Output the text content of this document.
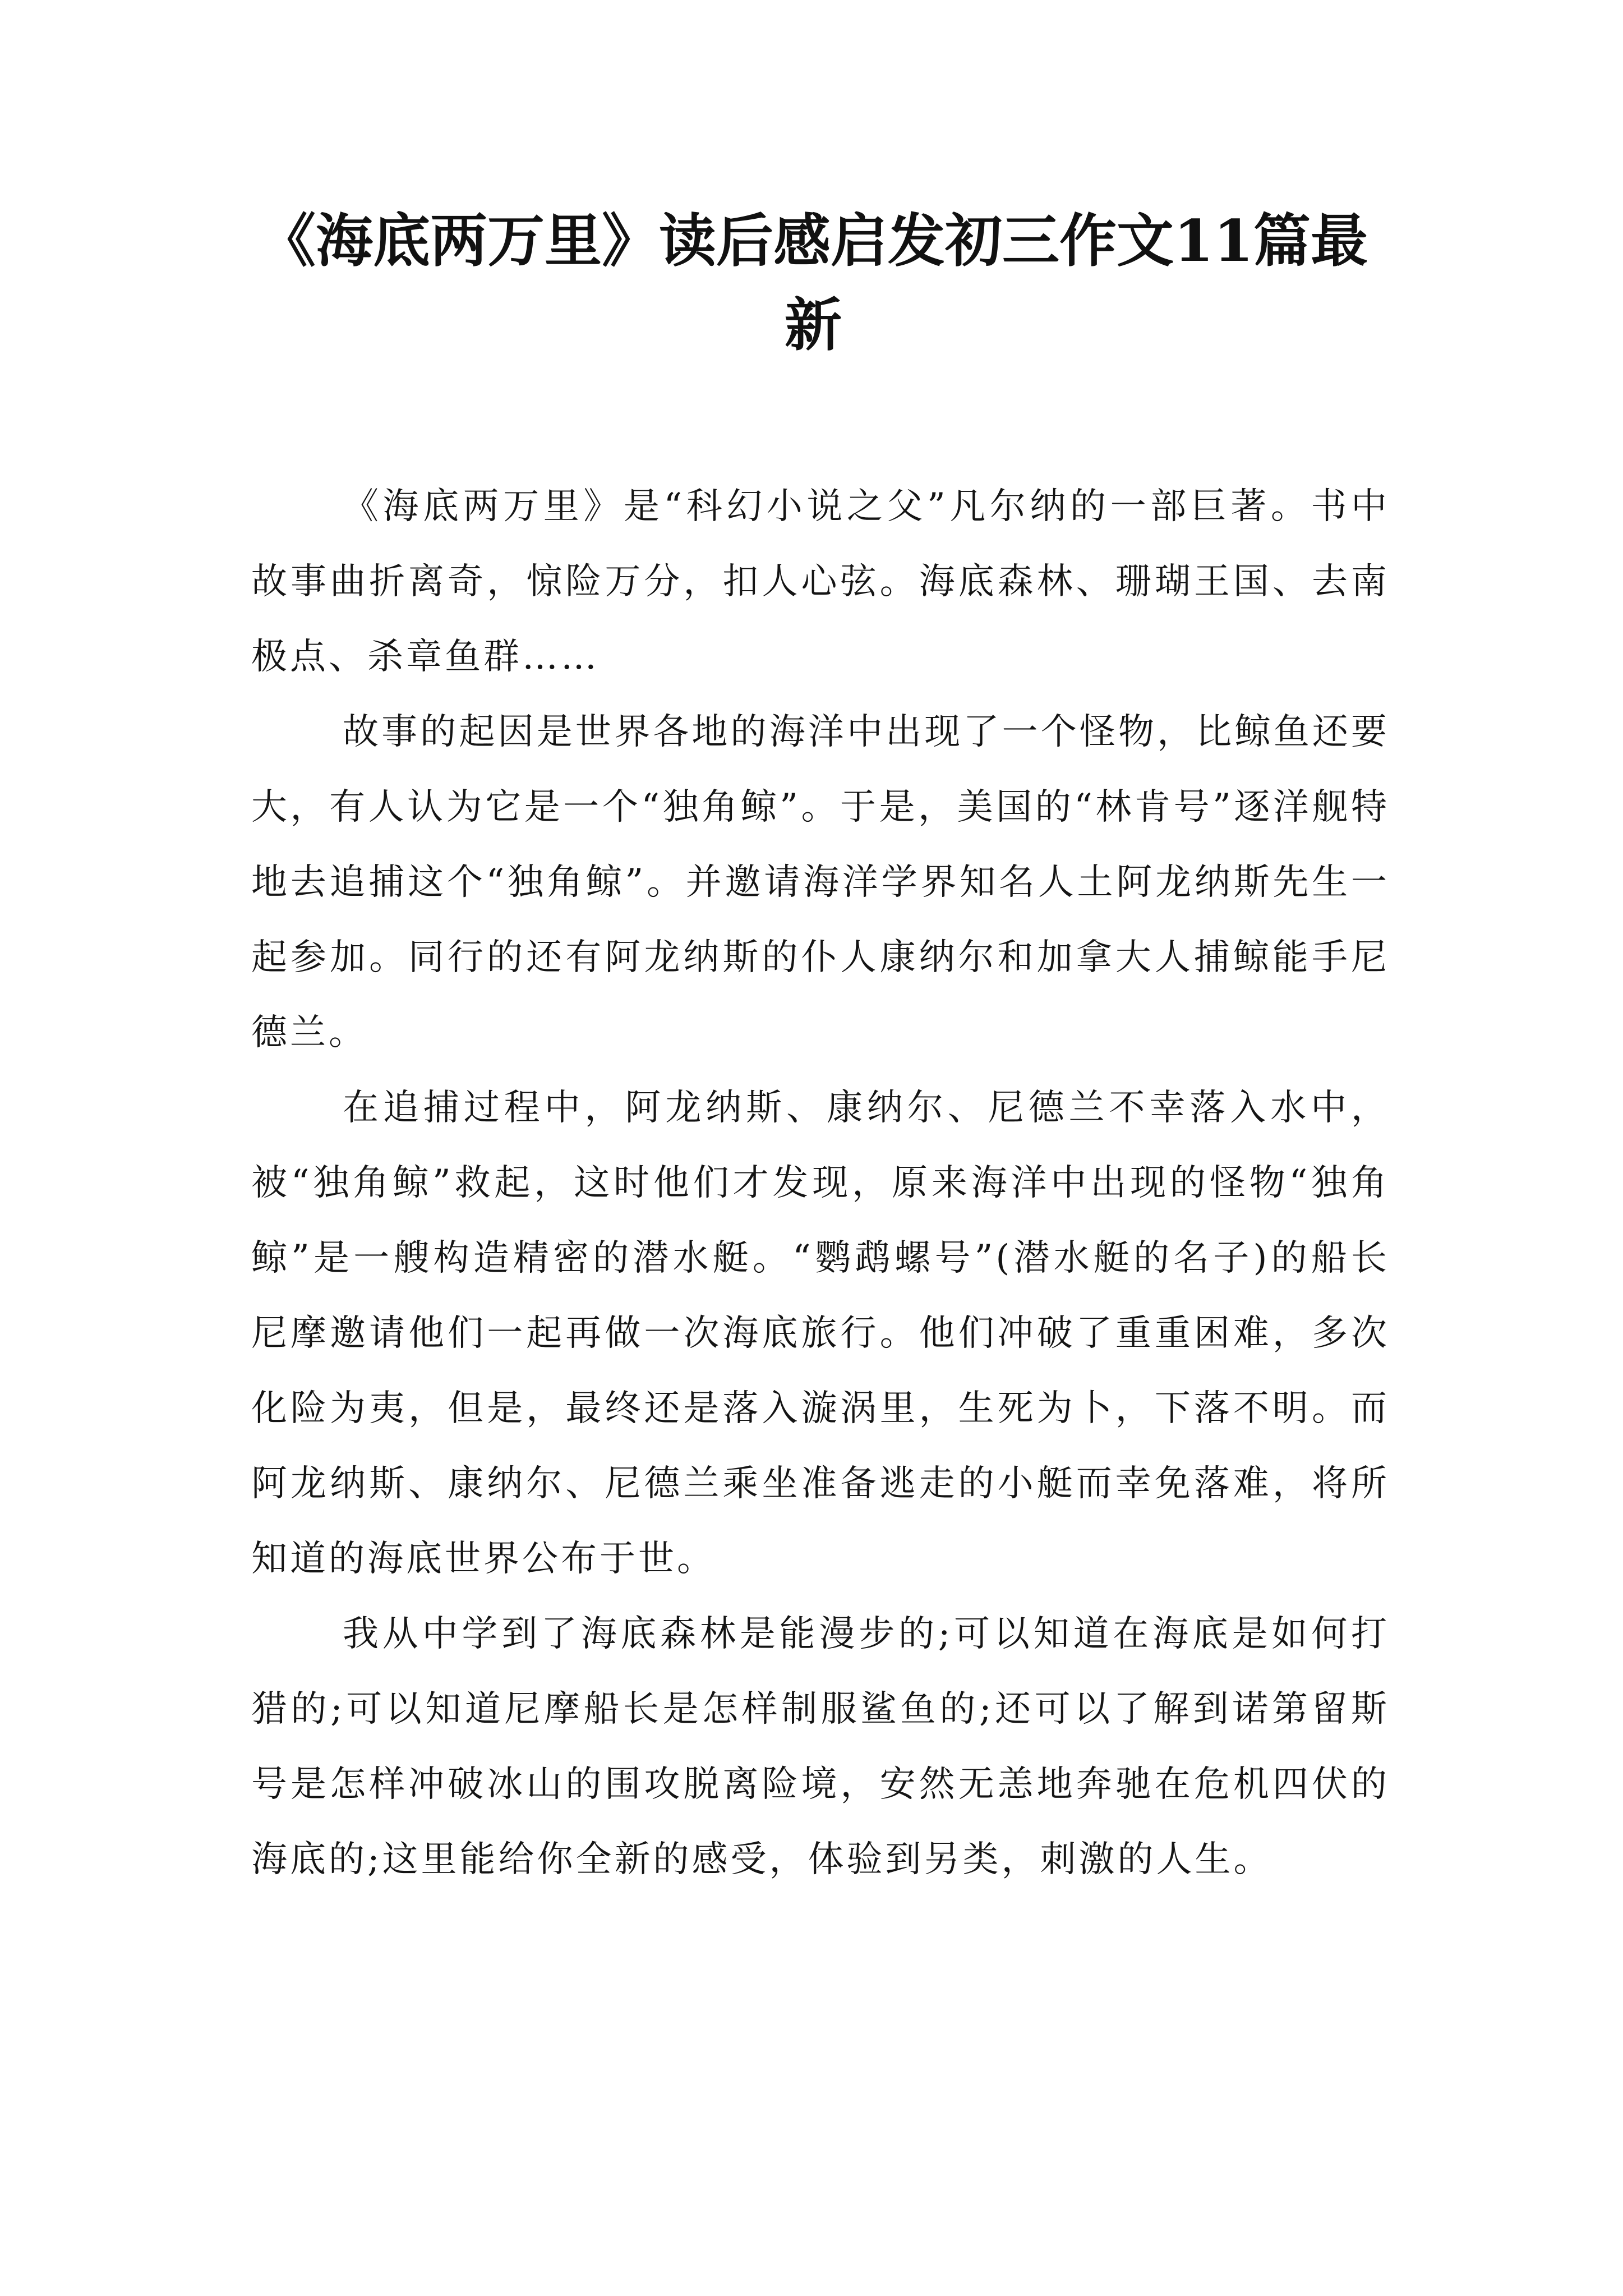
《海底两万里》读后感启发初三作文11篇最新

《海底两万里》是“科幻小说之父”凡尔纳的一部巨著。书中故事曲折离奇，惊险万分，扣人心弦。海底森林、珊瑚王国、去南极点、杀章鱼群……

故事的起因是世界各地的海洋中出现了一个怪物，比鲸鱼还要大，有人认为它是一个“独角鲸”。于是，美国的“林肯号”逐洋舰特地去追捕这个“独角鲸”。并邀请海洋学界知名人土阿龙纳斯先生一起参加。同行的还有阿龙纳斯的仆人康纳尔和加拿大人捕鲸能手尼德兰。

在追捕过程中，阿龙纳斯、康纳尔、尼德兰不幸落入水中，被“独角鲸”救起，这时他们才发现，原来海洋中出现的怪物“独角鲸”是一艘构造精密的潜水艇。“鹦鹉螺号”(潜水艇的名子)的船长尼摩邀请他们一起再做一次海底旅行。他们冲破了重重困难，多次化险为夷，但是，最终还是落入漩涡里，生死为卜，下落不明。而阿龙纳斯、康纳尔、尼德兰乘坐准备逃走的小艇而幸免落难，将所知道的海底世界公布于世。

我从中学到了海底森林是能漫步的;可以知道在海底是如何打猎的;可以知道尼摩船长是怎样制服鲨鱼的;还可以了解到诺第留斯号是怎样冲破冰山的围攻脱离险境，安然无恙地奔驰在危机四伏的海底的;这里能给你全新的感受，体验到另类，刺激的人生。
